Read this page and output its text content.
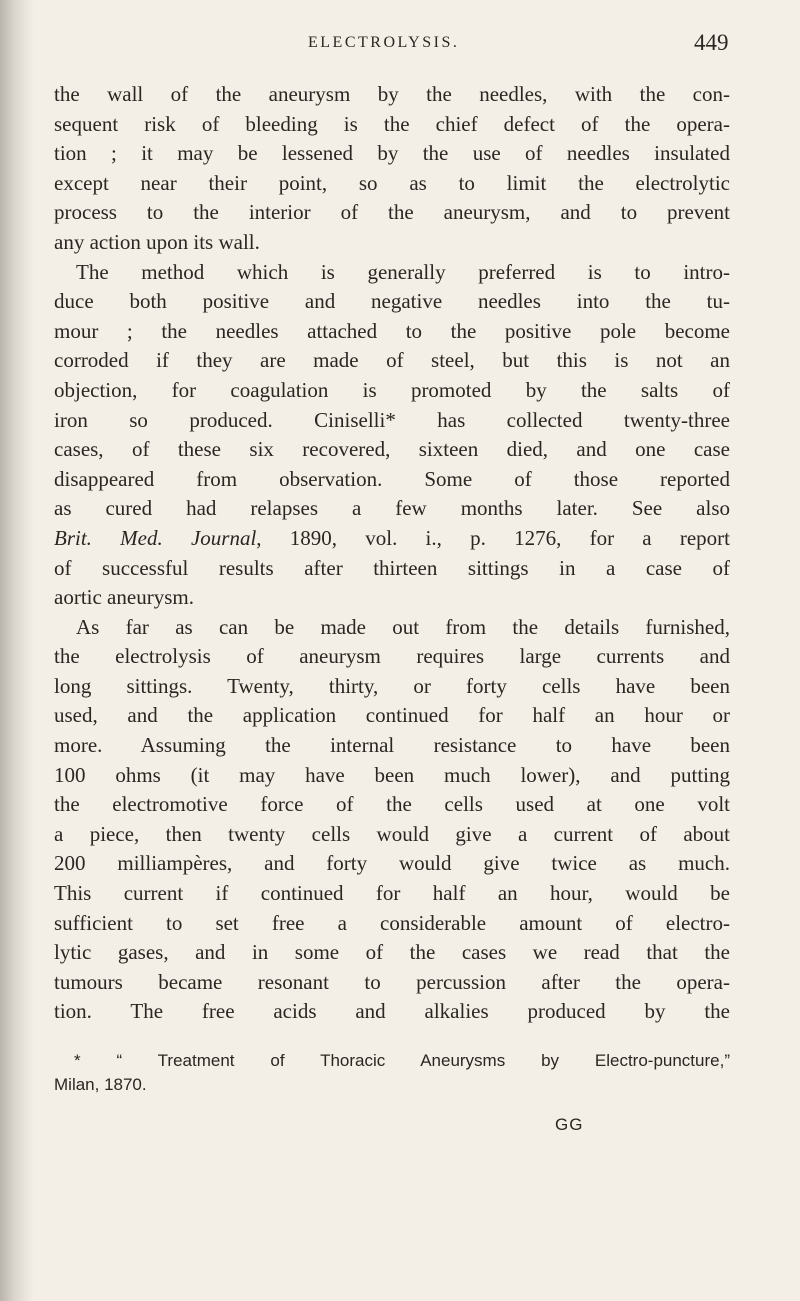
ELECTROLYSIS.	449
the wall of the aneurysm by the needles, with the con-
sequent risk of bleeding is the chief defect of the opera-
tion ; it may be lessened by the use of needles insulated
except near their point, so as to limit the electrolytic
process to the interior of the aneurysm, and to prevent
any action upon its wall.
The method which is generally preferred is to intro-
duce both positive and negative needles into the tu-
mour ; the needles attached to the positive pole become
corroded if they are made of steel, but this is not an
objection, for coagulation is promoted by the salts of
iron so produced. Ciniselli* has collected twenty-three
cases, of these six recovered, sixteen died, and one case
disappeared from observation. Some of those reported
as cured had relapses a few months later. See also
Brit. Med. Journal, 1890, vol. i., p. 1276, for a report
of successful results after thirteen sittings in a case of
aortic aneurysm.
As far as can be made out from the details furnished,
the electrolysis of aneurysm requires large currents and
long sittings. Twenty, thirty, or forty cells have been
used, and the application continued for half an hour or
more. Assuming the internal resistance to have been
100 ohms (it may have been much lower), and putting
the electromotive force of the cells used at one volt
a piece, then twenty cells would give a current of about
200 milliampères, and forty would give twice as much.
This current if continued for half an hour, would be
sufficient to set free a considerable amount of electro-
lytic gases, and in some of the cases we read that the
tumours became resonant to percussion after the opera-
tion. The free acids and alkalies produced by the
* “ Treatment of Thoracic Aneurysms by Electro-puncture,”
Milan, 1870.
GG
